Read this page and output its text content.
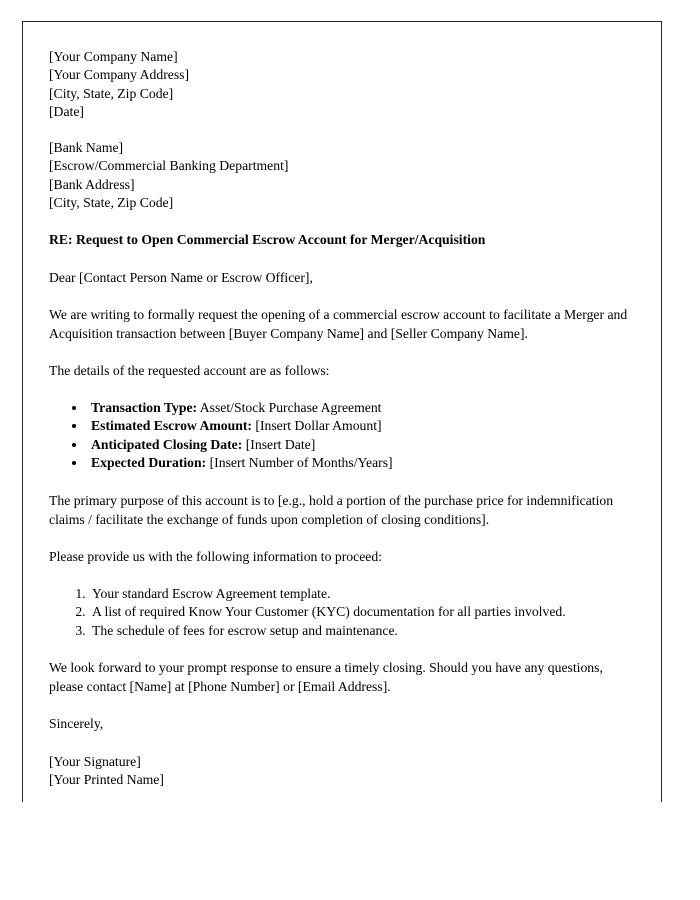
[Your Company Name]
[Your Company Address]
[City, State, Zip Code]
[Date]
[Bank Name]
[Escrow/Commercial Banking Department]
[Bank Address]
[City, State, Zip Code]
RE: Request to Open Commercial Escrow Account for Merger/Acquisition

Dear [Contact Person Name or Escrow Officer],

We are writing to formally request the opening of a commercial escrow account to facilitate a Merger and Acquisition transaction between [Buyer Company Name] and [Seller Company Name].

The details of the requested account are as follows:

• Transaction Type: Asset/Stock Purchase Agreement
• Estimated Escrow Amount: [Insert Dollar Amount]
• Anticipated Closing Date: [Insert Date]
• Expected Duration: [Insert Number of Months/Years]

The primary purpose of this account is to [e.g., hold a portion of the purchase price for indemnification claims / facilitate the exchange of funds upon completion of closing conditions].

Please provide us with the following information to proceed:

1. Your standard Escrow Agreement template.
2. A list of required Know Your Customer (KYC) documentation for all parties involved.
3. The schedule of fees for escrow setup and maintenance.

We look forward to your prompt response to ensure a timely closing. Should you have any questions, please contact [Name] at [Phone Number] or [Email Address].

Sincerely,

[Your Signature]
[Your Printed Name]
